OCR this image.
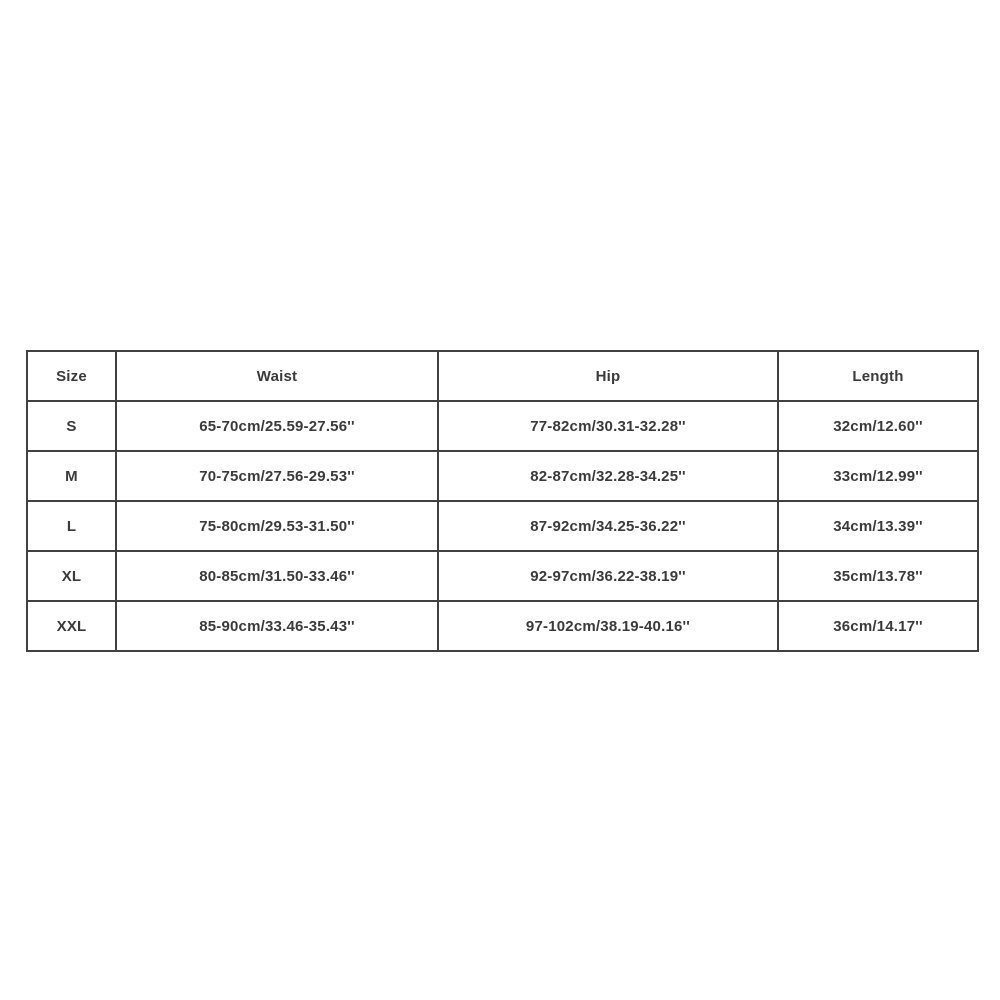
Size	Waist	Hip	Length
S	65-70cm/25.59-27.56''	77-82cm/30.31-32.28''	32cm/12.60''
M	70-75cm/27.56-29.53''	82-87cm/32.28-34.25''	33cm/12.99''
L	75-80cm/29.53-31.50''	87-92cm/34.25-36.22''	34cm/13.39''
XL	80-85cm/31.50-33.46''	92-97cm/36.22-38.19''	35cm/13.78''
XXL	85-90cm/33.46-35.43''	97-102cm/38.19-40.16''	36cm/14.17''
